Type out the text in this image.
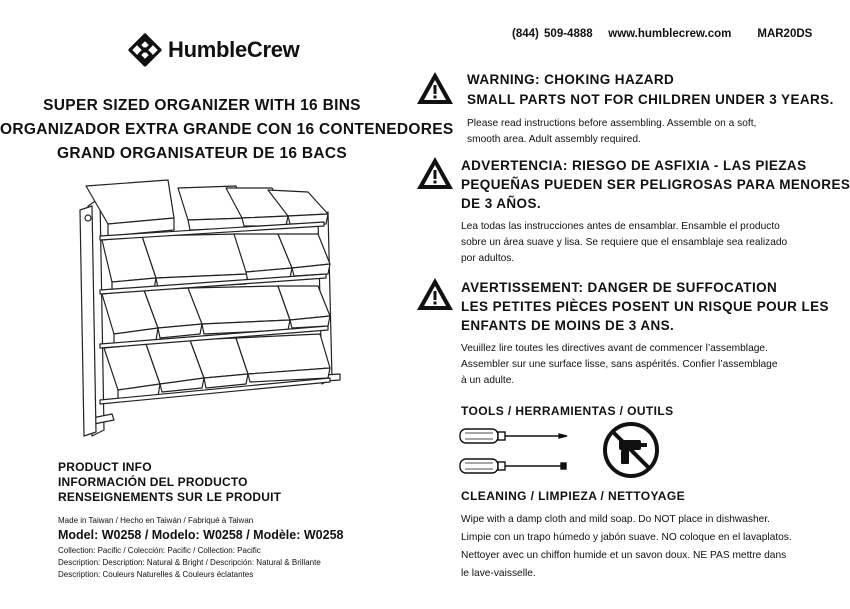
(844) 509-4888 www.humblecrew.com MAR20DS
HumbleCrew
SUPER SIZED ORGANIZER WITH 16 BINS
ORGANIZADOR EXTRA GRANDE CON 16 CONTENEDORES
GRAND ORGANISATEUR DE 16 BACS
PRODUCT INFO
INFORMACIÓN DEL PRODUCTO
RENSEIGNEMENTS SUR LE PRODUIT
Made in Taiwan / Hecho en Taiwán / Fabriqué à Taiwan
Model: W0258 / Modelo: W0258 / Modèle: W0258
Collection: Pacific / Colección: Pacific / Collection: Pacific
Description: Description: Natural & Bright / Descripción: Natural & Brillante
Description: Couleurs Naturelles & Couleurs éclatantes
WARNING: CHOKING HAZARD
SMALL PARTS NOT FOR CHILDREN UNDER 3 YEARS.
Please read instructions before assembling. Assemble on a soft,
smooth area. Adult assembly required.
ADVERTENCIA: RIESGO DE ASFIXIA - LAS PIEZAS
PEQUEÑAS PUEDEN SER PELIGROSAS PARA MENORES
DE 3 AÑOS.
Lea todas las instrucciones antes de ensamblar. Ensamble el producto
sobre un área suave y lisa. Se requiere que el ensamblaje sea realizado
por adultos.
AVERTISSEMENT: DANGER DE SUFFOCATION
LES PETITES PIÈCES POSENT UN RISQUE POUR LES
ENFANTS DE MOINS DE 3 ANS.
Veuillez lire toutes les directives avant de commencer l’assemblage.
Assembler sur une surface lisse, sans aspérités. Confier l’assemblage
à un adulte.
TOOLS / HERRAMIENTAS / OUTILS
CLEANING / LIMPIEZA / NETTOYAGE
Wipe with a damp cloth and mild soap. Do NOT place in dishwasher.
Limpie con un trapo húmedo y jabón suave. NO coloque en el lavaplatos.
Nettoyer avec un chiffon humide et un savon doux. NE PAS mettre dans
le lave-vaisselle.
